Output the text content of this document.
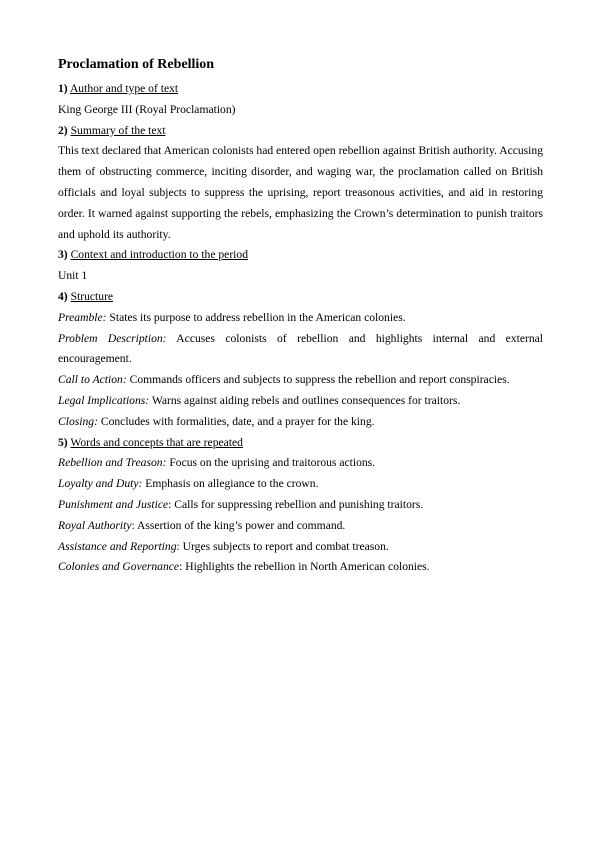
Proclamation of Rebellion

1) Author and type of text

King George III (Royal Proclamation)

2) Summary of the text

This text declared that American colonists had entered open rebellion against British authority. Accusing them of obstructing commerce, inciting disorder, and waging war, the proclamation called on British officials and loyal subjects to suppress the uprising, report treasonous activities, and aid in restoring order. It warned against supporting the rebels, emphasizing the Crown’s determination to punish traitors and uphold its authority.

3) Context and introduction to the period

Unit 1

4) Structure

Preamble: States its purpose to address rebellion in the American colonies.

Problem Description: Accuses colonists of rebellion and highlights internal and external encouragement.

Call to Action: Commands officers and subjects to suppress the rebellion and report conspiracies.

Legal Implications: Warns against aiding rebels and outlines consequences for traitors.

Closing: Concludes with formalities, date, and a prayer for the king.

5) Words and concepts that are repeated

Rebellion and Treason: Focus on the uprising and traitorous actions.

Loyalty and Duty: Emphasis on allegiance to the crown.

Punishment and Justice: Calls for suppressing rebellion and punishing traitors.

Royal Authority: Assertion of the king’s power and command.

Assistance and Reporting: Urges subjects to report and combat treason.

Colonies and Governance: Highlights the rebellion in North American colonies.
